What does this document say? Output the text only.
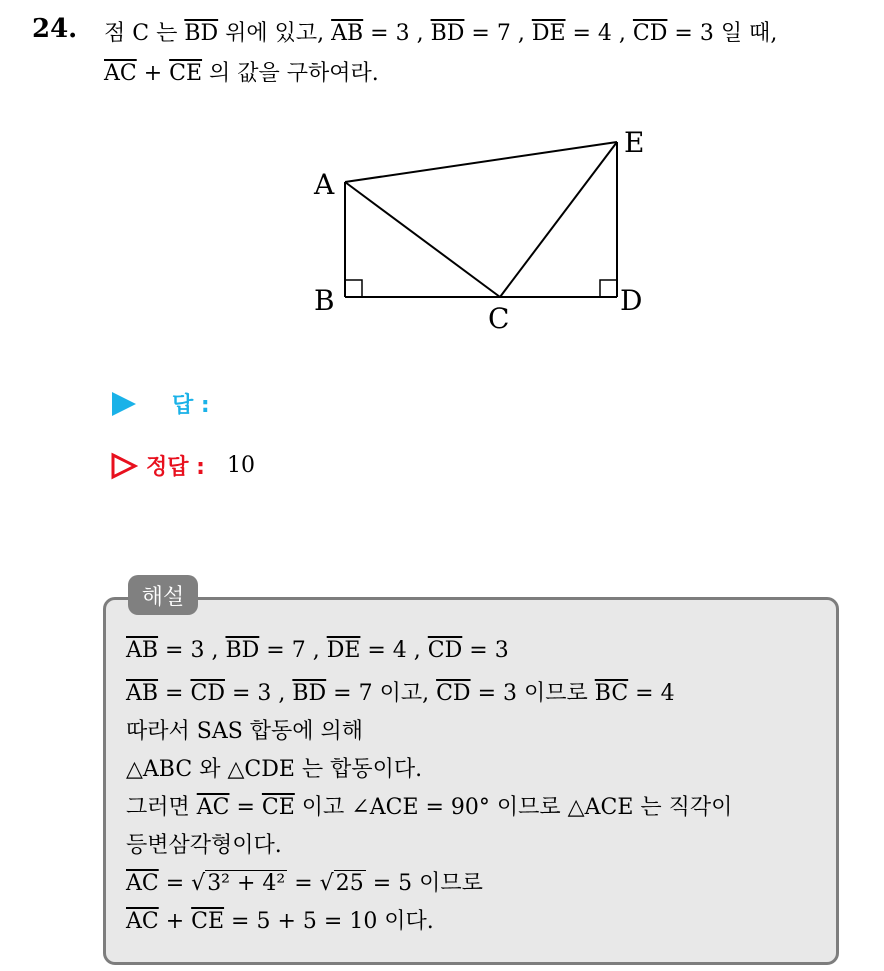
24. 점 C 는 $\overline{BD}$ 위에 있고, $\overline{AB} = 3$ , $\overline{BD} = 7$ , $\overline{DE} = 4$ , $\overline{CD} = 3$ 일 때,
$\overline{AC} + \overline{CE}$ 의 값을 구하여라.
A
B
C
D
E
답 :
정답 : 10
해설
$\overline{AB} = 3$ , $\overline{BD} = 7$ , $\overline{DE} = 4$ , $\overline{CD} = 3$
$\overline{AB} = \overline{CD} = 3$ , $\overline{BD} = 7$ 이고, $\overline{CD} = 3$ 이므로 $\overline{BC} = 4$
따라서 SAS 합동에 의해
△ABC 와 △CDE 는 합동이다.
그러면 $\overline{AC} = \overline{CE}$ 이고 ∠ACE = 90° 이므로 △ACE 는 직각이
등변삼각형이다.
$\overline{AC} = √3^2 + 4^2 = √25 = 5$ 이므로
$\overline{AC} + \overline{CE} = 5 + 5 = 10$ 이다.
